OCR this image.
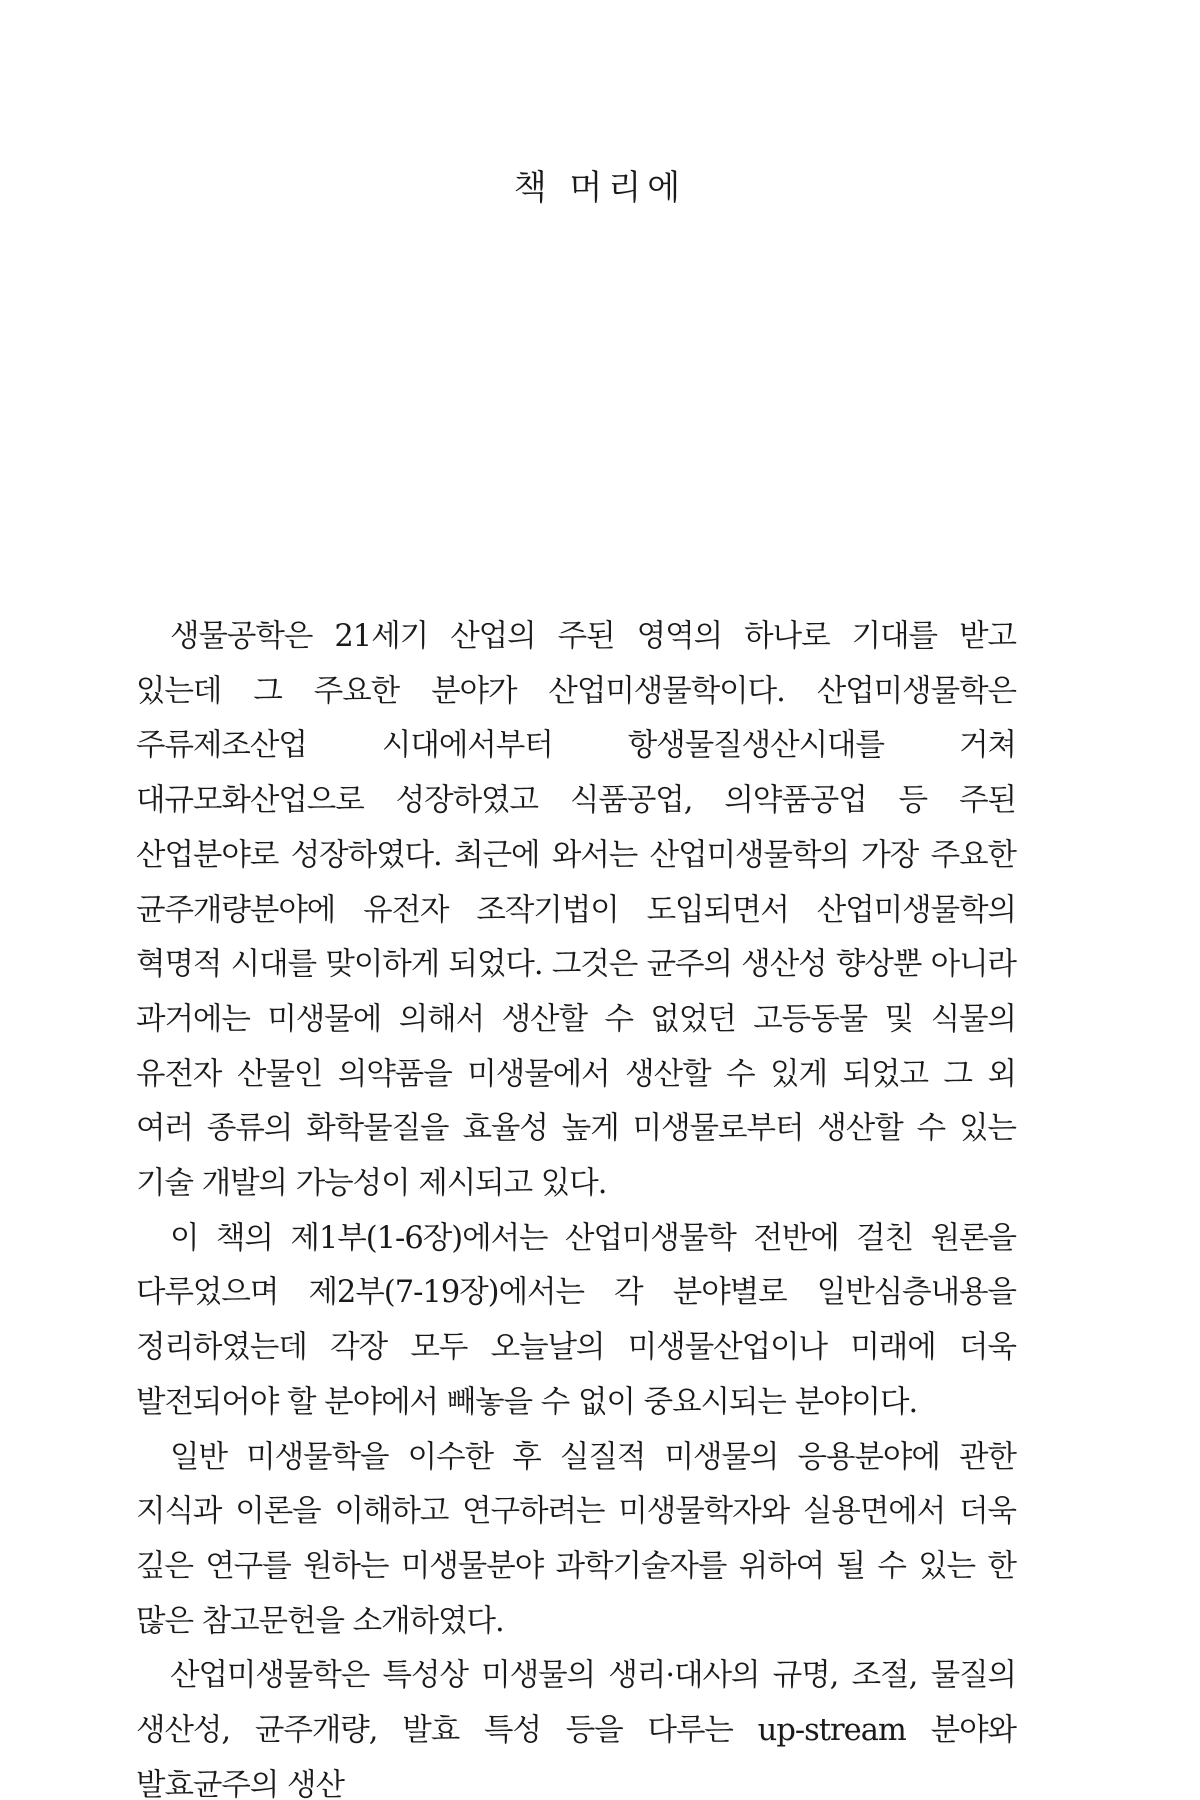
책 머리에

생물공학은 21세기 산업의 주된 영역의 하나로 기대를 받고 있는데 그 주요한 분야가 산업미생물학이다. 산업미생물학은 주류제조산업 시대에서부터 항생물질생산시대를 거쳐 대규모화산업으로 성장하였고 식품공업, 의약품공업 등 주된 산업분야로 성장하였다. 최근에 와서는 산업미생물학의 가장 주요한 균주개량분야에 유전자 조작기법이 도입되면서 산업미생물학의 혁명적 시대를 맞이하게 되었다. 그것은 균주의 생산성 향상뿐 아니라 과거에는 미생물에 의해서 생산할 수 없었던 고등동물 및 식물의 유전자 산물인 의약품을 미생물에서 생산할 수 있게 되었고 그 외 여러 종류의 화학물질을 효율성 높게 미생물로부터 생산할 수 있는 기술 개발의 가능성이 제시되고 있다.

이 책의 제1부(1-6장)에서는 산업미생물학 전반에 걸친 원론을 다루었으며 제2부(7-19장)에서는 각 분야별로 일반심층내용을 정리하였는데 각장 모두 오늘날의 미생물산업이나 미래에 더욱 발전되어야 할 분야에서 빼놓을 수 없이 중요시되는 분야이다.

일반 미생물학을 이수한 후 실질적 미생물의 응용분야에 관한 지식과 이론을 이해하고 연구하려는 미생물학자와 실용면에서 더욱 깊은 연구를 원하는 미생물분야 과학기술자를 위하여 될 수 있는 한 많은 참고문헌을 소개하였다.

산업미생물학은 특성상 미생물의 생리·대사의 규명, 조절, 물질의 생산성, 균주개량, 발효 특성 등을 다루는 up-stream 분야와 발효균주의 생산
